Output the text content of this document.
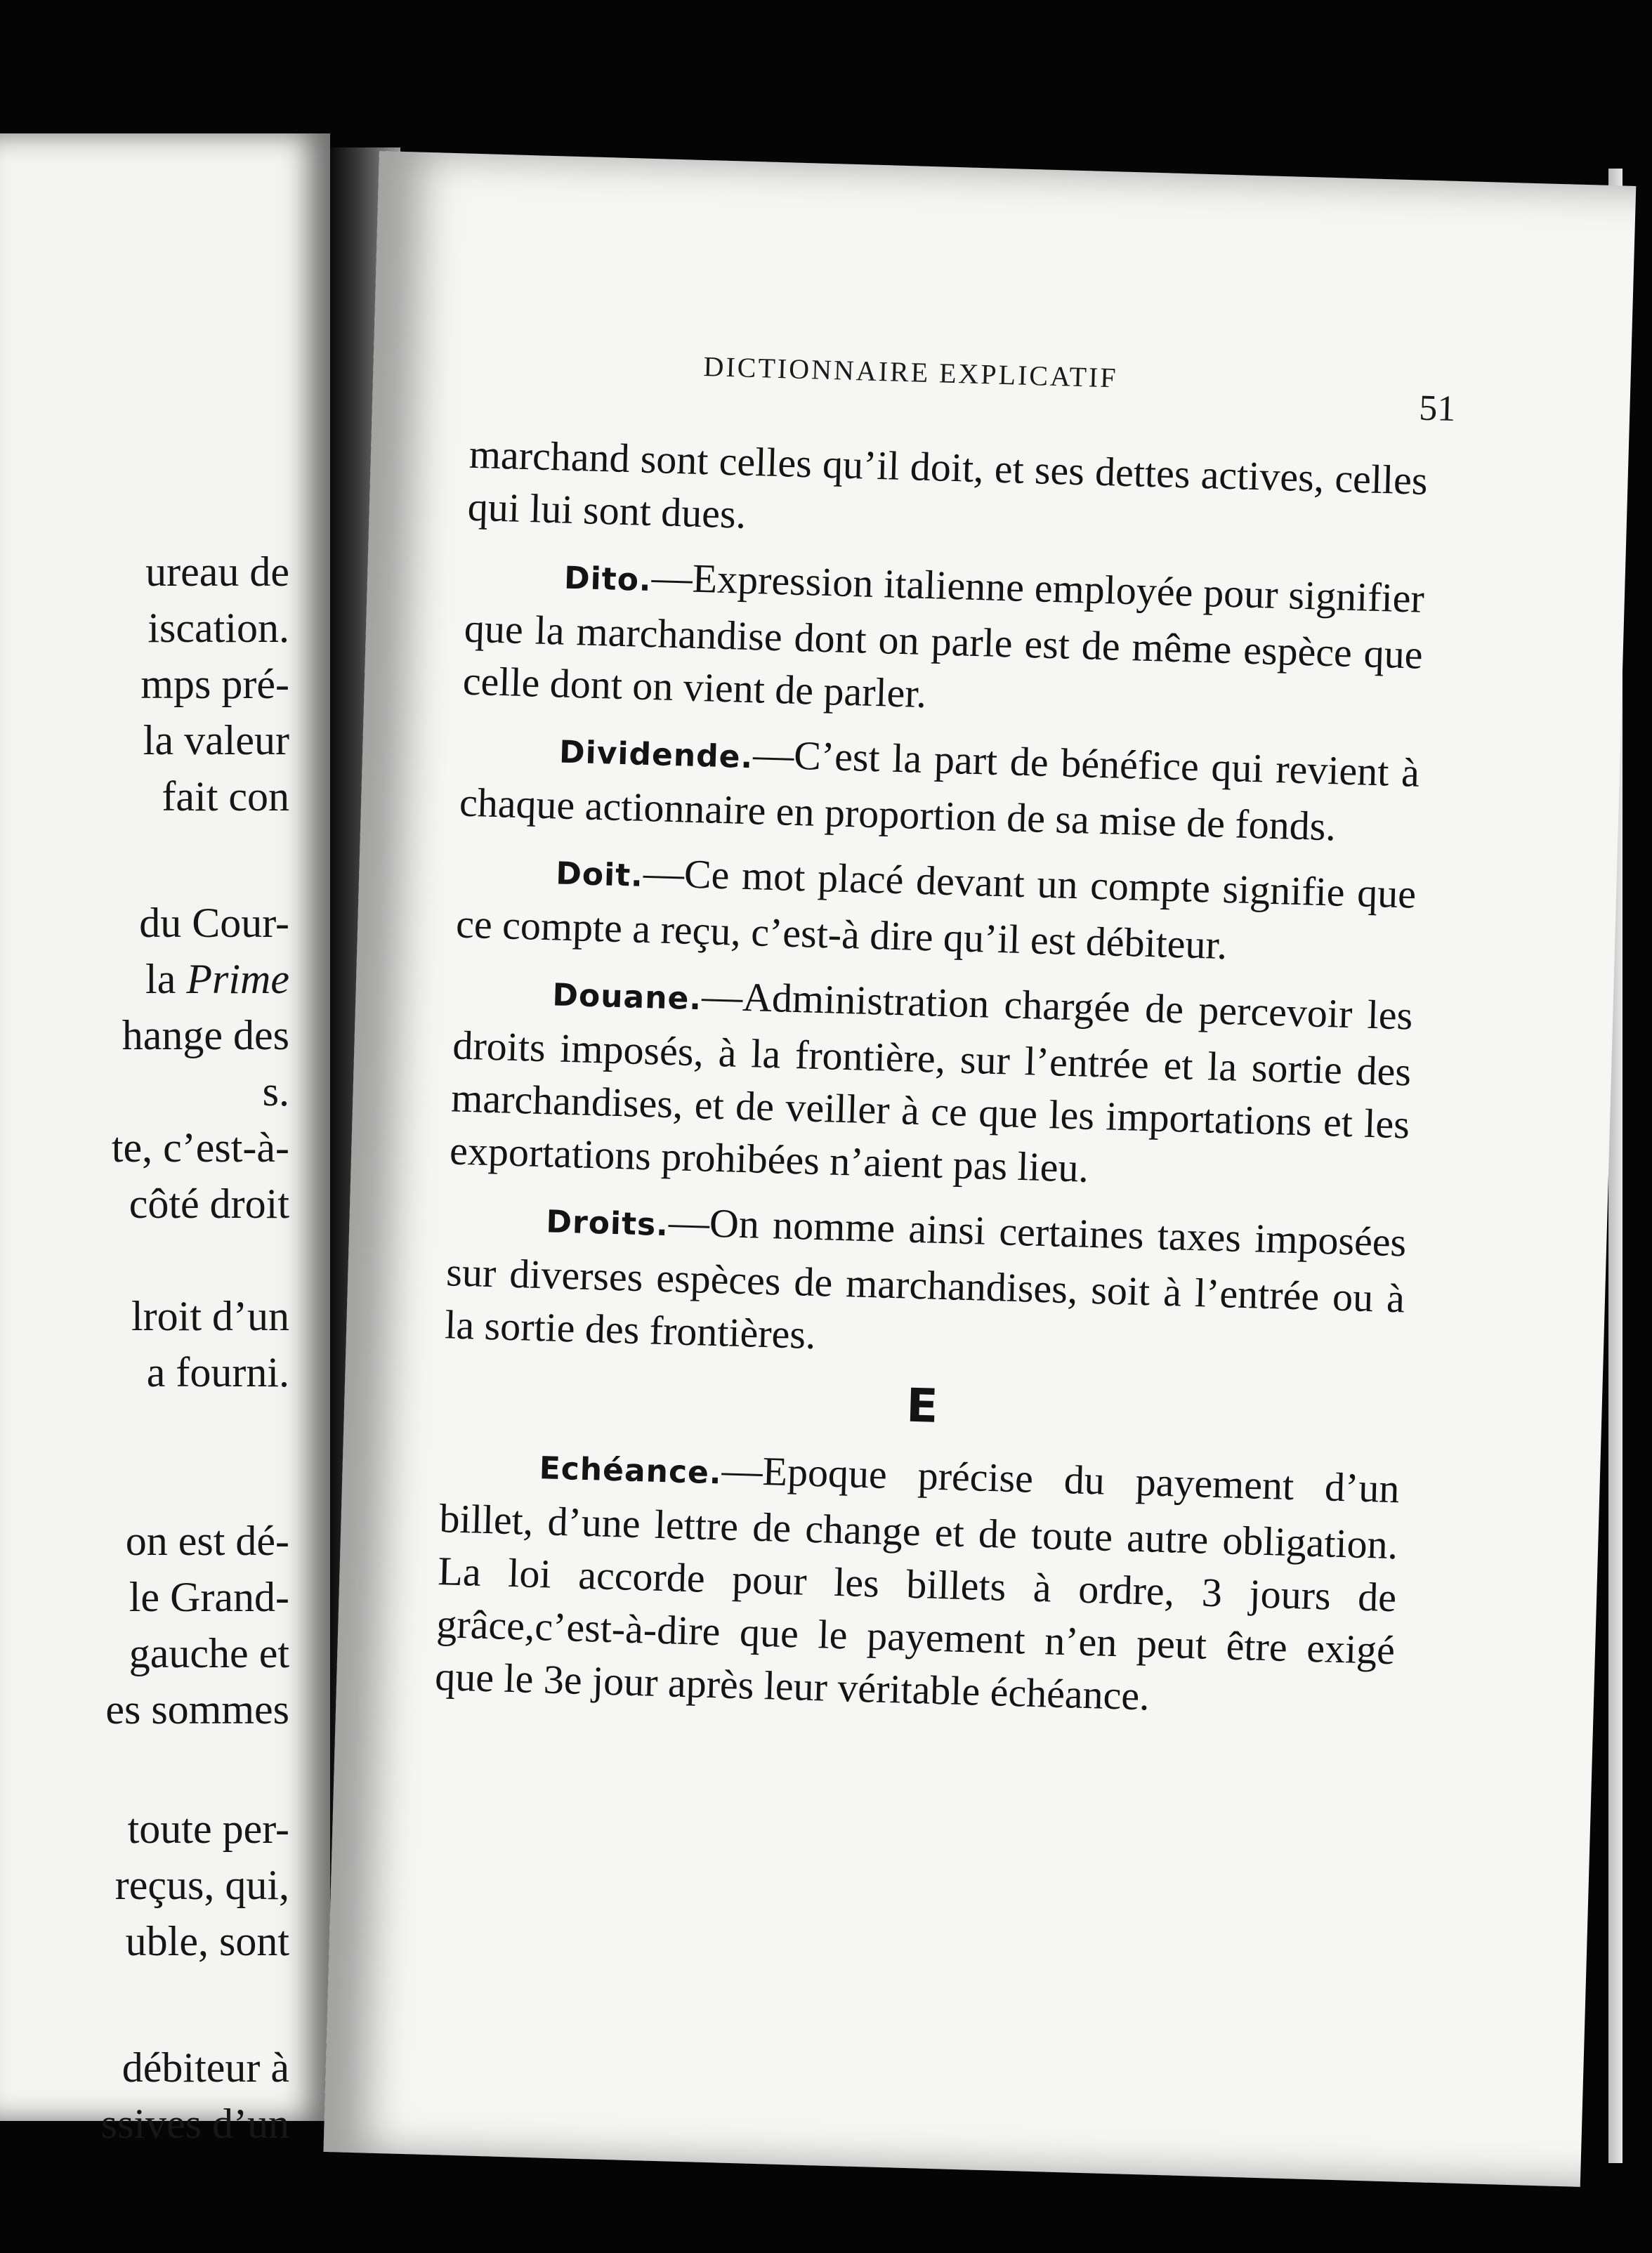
ureau de
iscation.
mps pré-
la valeur
fait con
du Cour-
la Prime
hange des
s.
te, c’est-à-
côté droit
lroit d’un
a fourni.
on est dé-
le Grand-
gauche et
es sommes
toute per-
reçus, qui,
uble, sont
débiteur à
ssives d’un
DICTIONNAIRE EXPLICATIF
51

marchand sont celles qu’il doit, et ses dettes actives, celles qui lui sont dues.

Dito.—Expression italienne employée pour signifier que la marchandise dont on parle est de même espèce que celle dont on vient de parler.

Dividende.—C’est la part de bénéfice qui revient à chaque actionnaire en proportion de sa mise de fonds.

Doit.—Ce mot placé devant un compte signifie que ce compte a reçu, c’est-à dire qu’il est débiteur.

Douane.—Administration chargée de percevoir les droits imposés, à la frontière, sur l’entrée et la sortie des marchandises, et de veiller à ce que les importations et les exportations prohibées n’aient pas lieu.

Droits.—On nomme ainsi certaines taxes imposées sur diverses espèces de marchandises, soit à l’entrée ou à la sortie des frontières.

E

Echéance.—Epoque précise du payement d’un billet, d’une lettre de change et de toute autre obligation. La loi accorde pour les billets à ordre, 3 jours de grâce,c’est-à-dire que le payement n’en peut être exigé que le 3e jour après leur véritable échéance.
